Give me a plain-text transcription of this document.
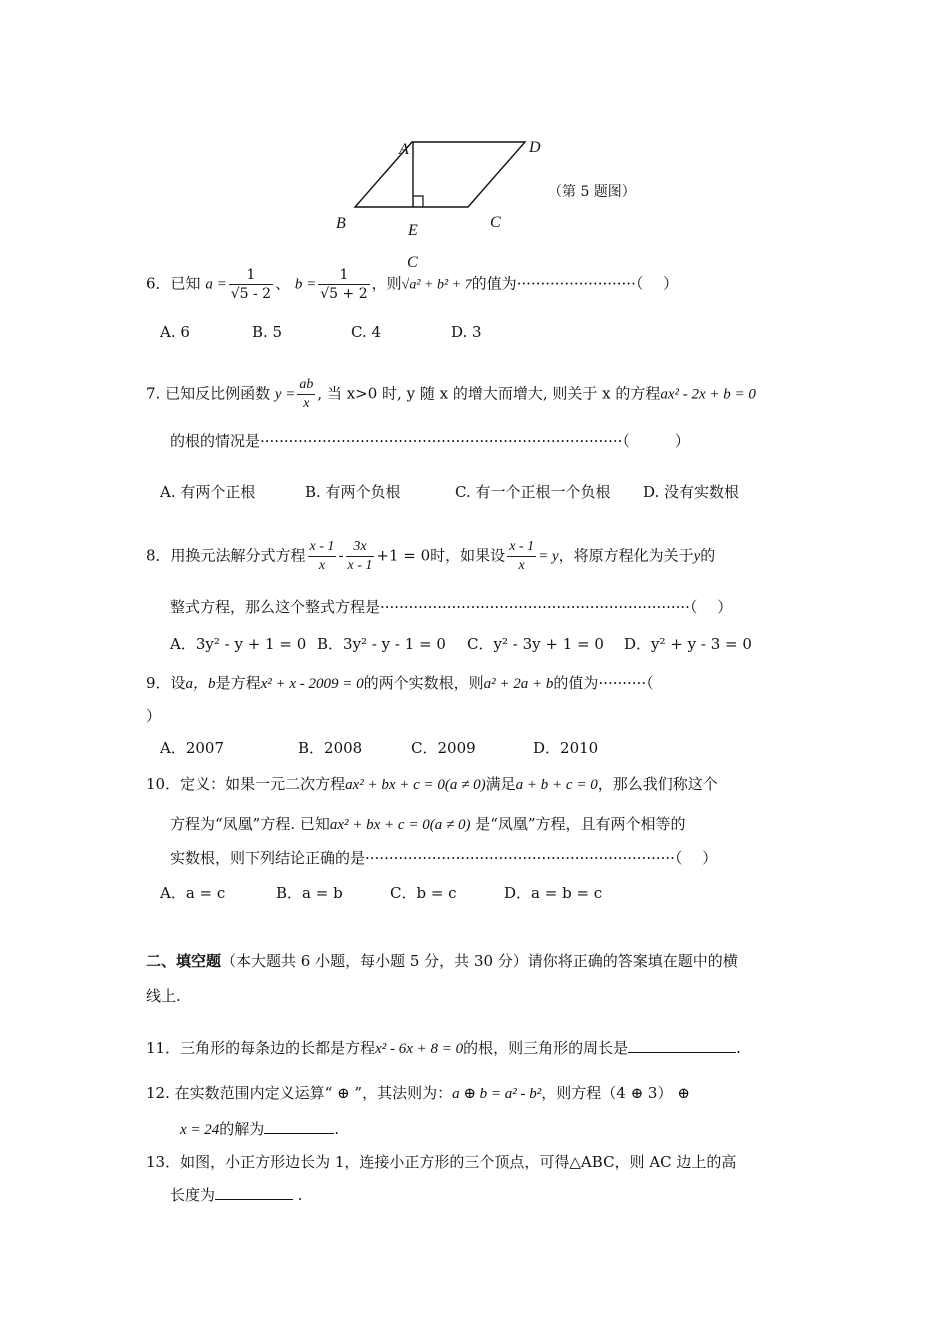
A	D
B	E	C
C
（第 5 题图）
6．已知 $a = \frac{1}{√5 - 2}$ 、 $b = \frac{1}{√5 + 2}$ ，则√a² + b² + 7的值为·························（　 ）
A. 6	B. 5	C. 4	D. 3
7. 已知反比例函数 $y = \frac{ab}{x}$ , 当 x>0 时, y 随 x 的增大而增大, 则关于 x 的方程ax² - 2x + b = 0
的根的情况是············································································（　　　）
A. 有两个正根	B. 有两个负根	C. 有一个正根一个负根 D. 没有实数根
8．用换元法解分式方程 $\frac{x - 1}{x} - \frac{3x}{x - 1} +1 = 0$时，如果设 $\frac{x - 1}{x} = y$，将原方程化为关于y的
整式方程，那么这个整式方程是·································································（　 ）
A．3y² - y + 1 = 0 B．3y² - y - 1 = 0 C．y² - 3y + 1 = 0 D．y² + y - 3 = 0
9．设a，b是方程x² + x - 2009 = 0的两个实数根，则a² + 2a + b的值为··········（
）
A．2007	B．2008	C．2009	D．2010
10．定义：如果一元二次方程ax² + bx + c = 0(a ≠ 0)满足a + b + c = 0，那么我们称这个
方程为“凤凰”方程. 已知ax² + bx + c = 0(a ≠ 0) 是“凤凰”方程，且有两个相等的
实数根，则下列结论正确的是·································································（　 ）
A．a = c	B．a = b	C．b = c	D．a = b = c
二、填空题（本大题共 6 小题，每小题 5 分，共 30 分）请你将正确的答案填在题中的横
线上.
11．三角形的每条边的长都是方程x² - 6x + 8 = 0的根，则三角形的周长是	.
12. 在实数范围内定义运算“ ⊕ ”，其法则为：a ⊕ b = a² - b²，则方程（4 ⊕ 3） ⊕
x = 24的解为	.
13．如图，小正方形边长为 1，连接小正方形的三个顶点，可得△ABC，则 AC 边上的高
长度为	.
